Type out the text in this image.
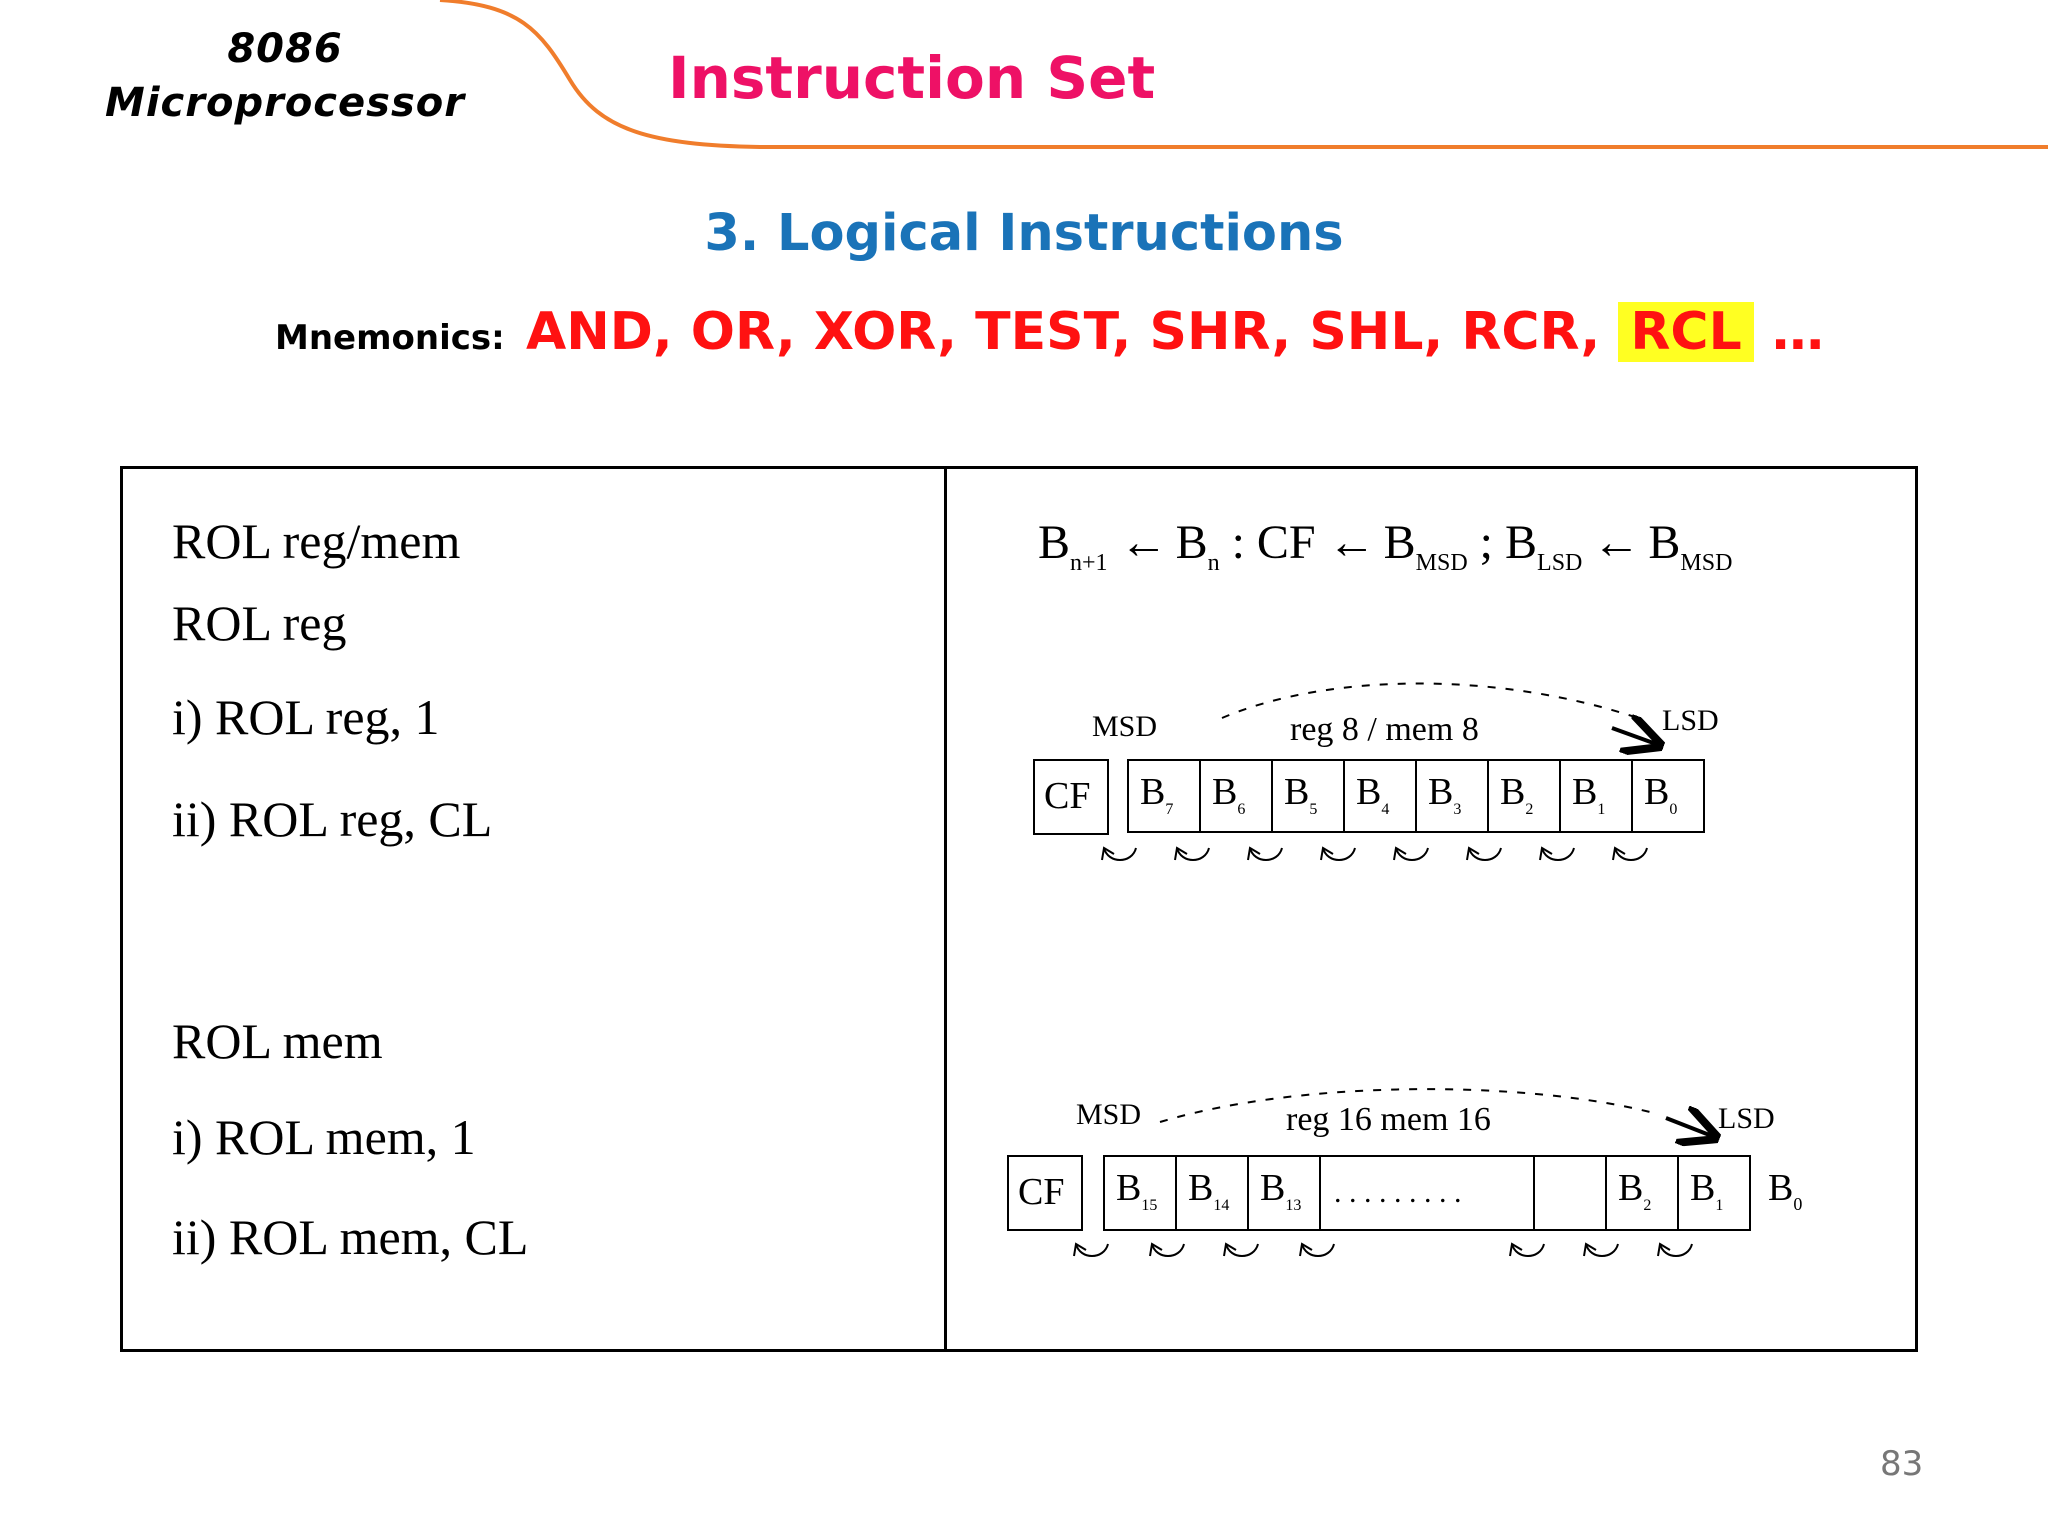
8086
Microprocessor	Instruction Set
3. Logical Instructions
Mnemonics: AND, OR, XOR, TEST, SHR, SHL, RCR, RCL …
ROL reg/mem
ROL reg
i) ROL reg, 1
ii) ROL reg, CL
ROL mem
i) ROL mem, 1
ii) ROL mem, CL
$B_{n+1}$ ← $B_n$ : CF ← $B_{MSD}$ ; $B_{LSD}$ ← $B_{MSD}$
MSD	reg 8 / mem 8	LSD
CF $B_7$ $B_6$ $B_5$ $B_4$ $B_3$ $B_2$ $B_1$ $B_0$
MSD	reg 16 mem 16	LSD
CF $B_{15}$ $B_{14}$ $B_{13}$ . . . . . . . . .	$B_2$ $B_1$ $B_0$
83
